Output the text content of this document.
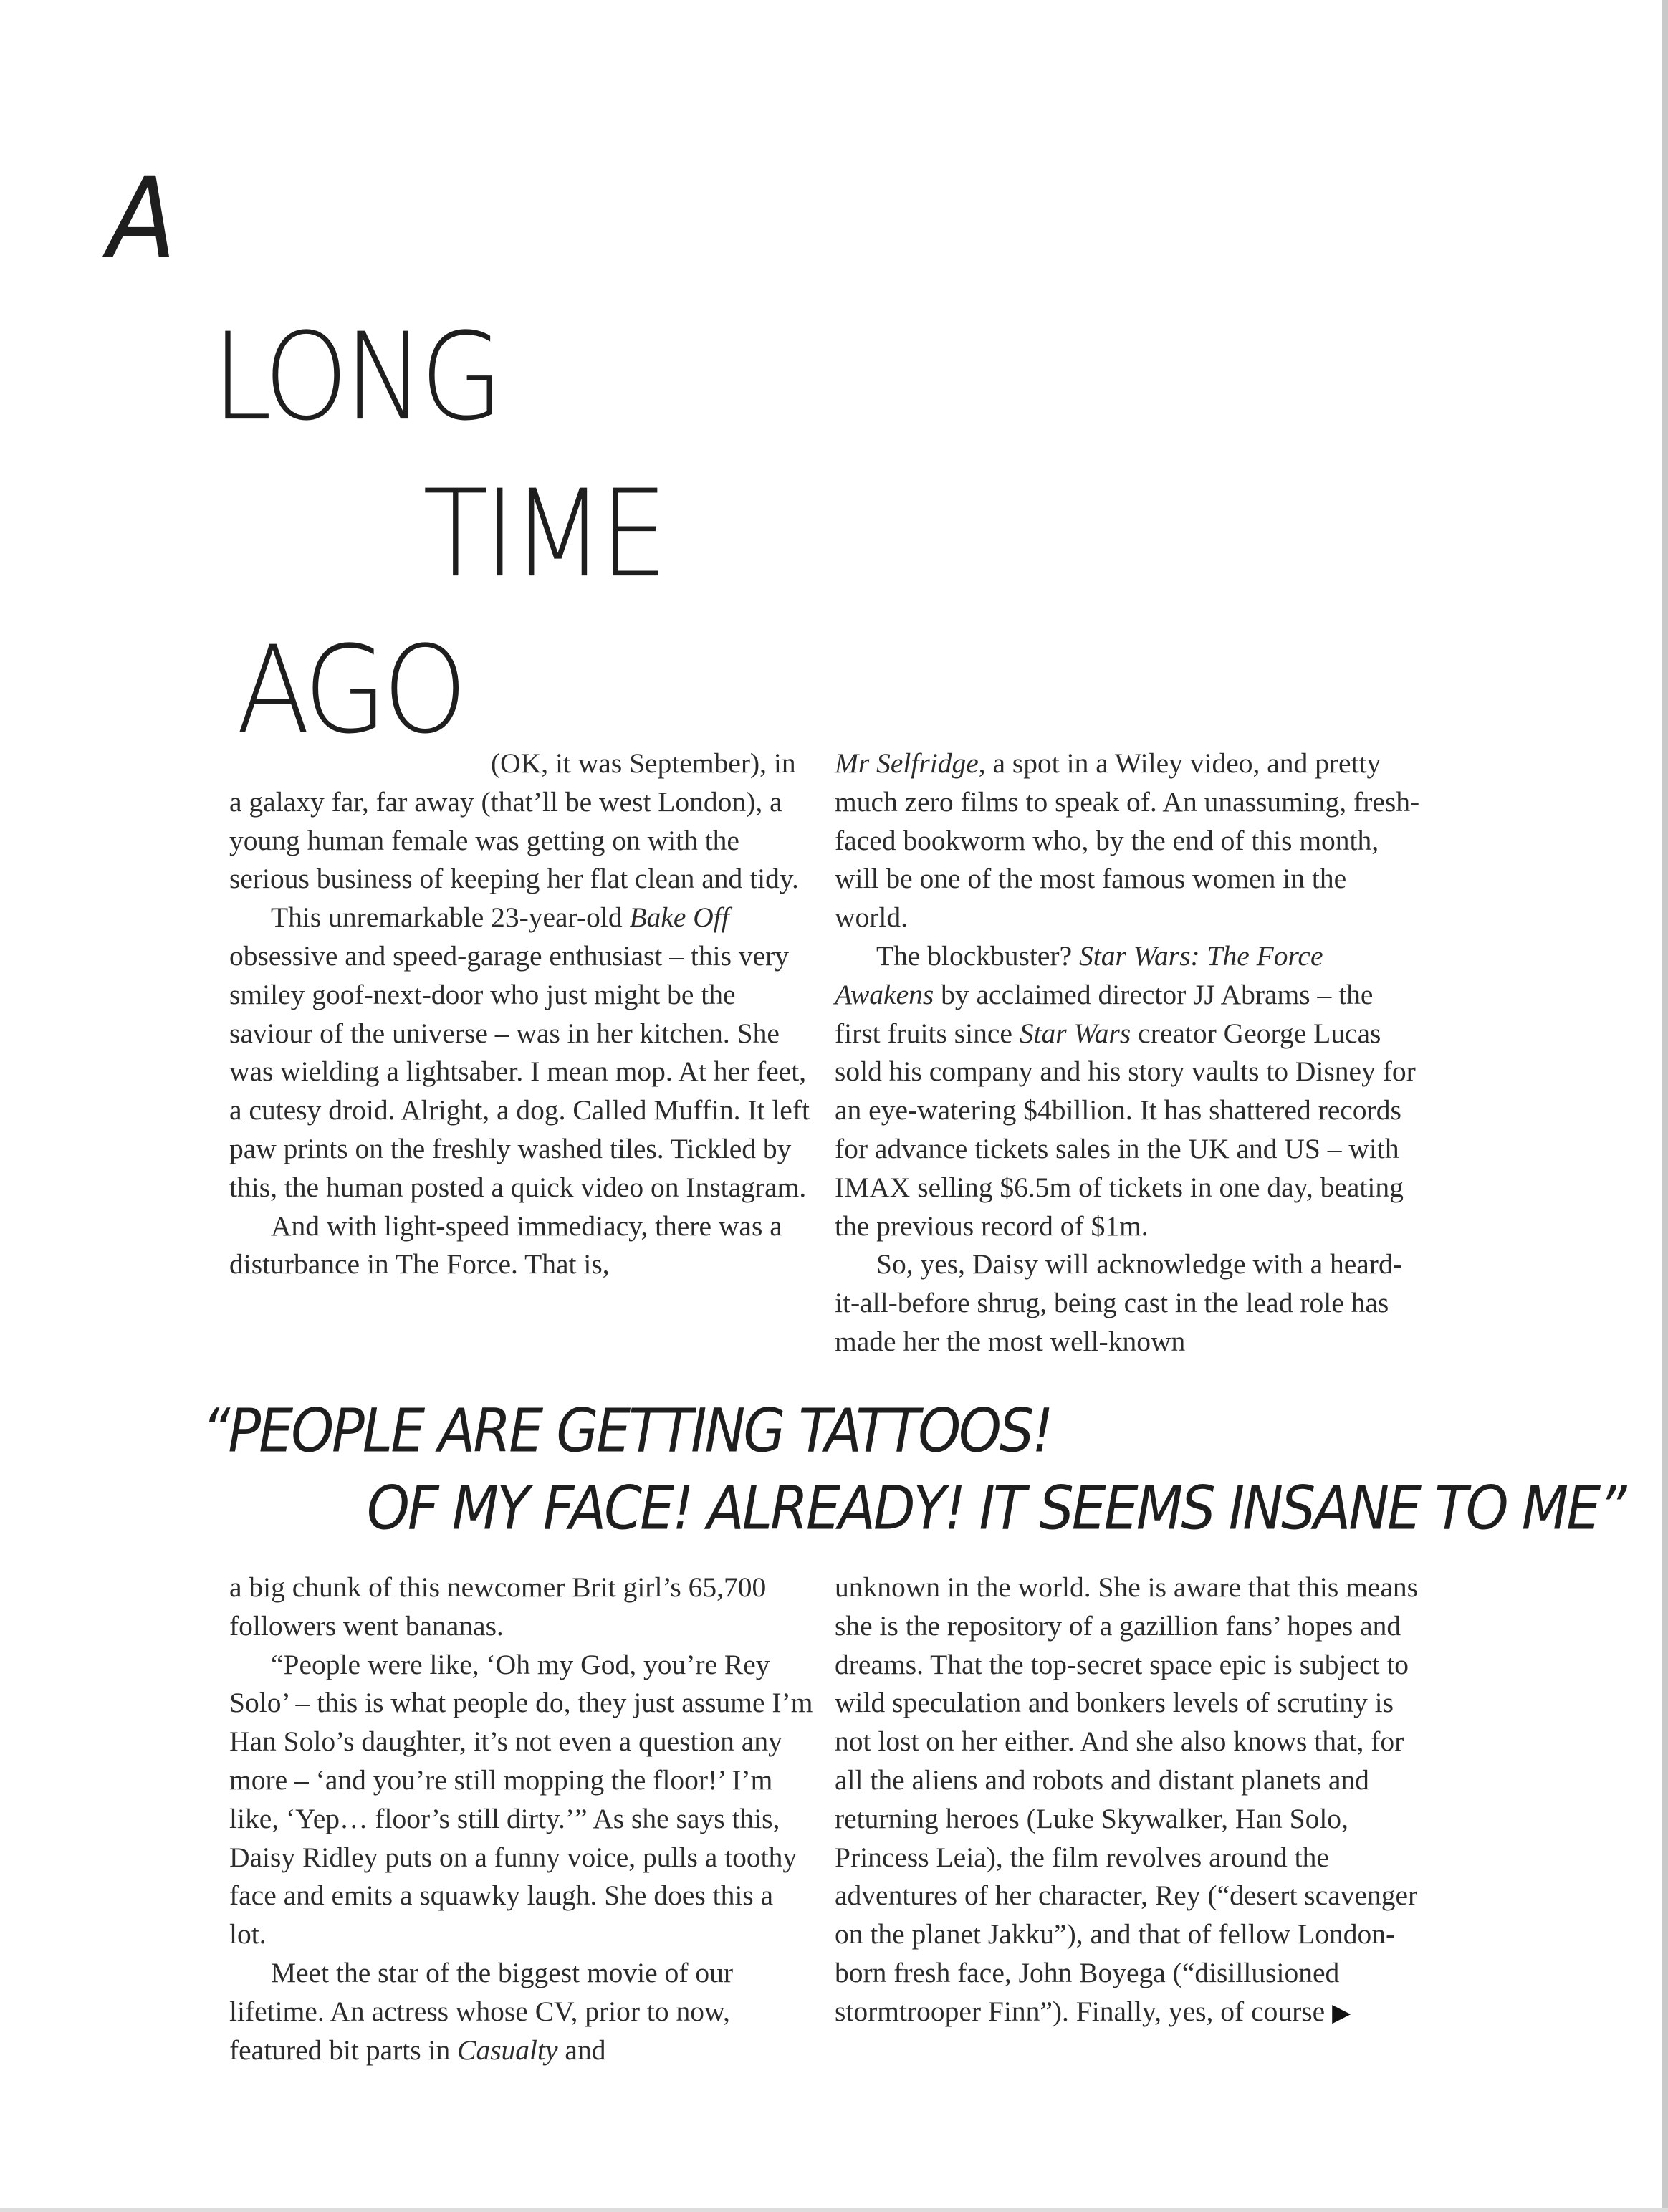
A
LONG
TIME
AGO

(OK, it was September), in a galaxy far, far away (that’ll be west London), a young human female was getting on with the serious business of keeping her flat clean and tidy.

This unremarkable 23-year-old Bake Off obsessive and speed-garage enthusiast – this very smiley goof-next-door who just might be the saviour of the universe – was in her kitchen. She was wielding a lightsaber. I mean mop. At her feet, a cutesy droid. Alright, a dog. Called Muffin. It left paw prints on the freshly washed tiles. Tickled by this, the human posted a quick video on Instagram.

And with light-speed immediacy, there was a disturbance in The Force. That is,

Mr Selfridge, a spot in a Wiley video, and pretty much zero films to speak of. An unassuming, fresh-faced bookworm who, by the end of this month, will be one of the most famous women in the world.

The blockbuster? Star Wars: The Force Awakens by acclaimed director JJ Abrams – the first fruits since Star Wars creator George Lucas sold his company and his story vaults to Disney for an eye-watering $4billion. It has shattered records for advance tickets sales in the UK and US – with IMAX selling $6.5m of tickets in one day, beating the previous record of $1m.

So, yes, Daisy will acknowledge with a heard-it-all-before shrug, being cast in the lead role has made her the most well-known

“PEOPLE ARE GETTING TATTOOS!
OF MY FACE! ALREADY! IT SEEMS INSANE TO ME”

a big chunk of this newcomer Brit girl’s 65,700 followers went bananas.

“People were like, ‘Oh my God, you’re Rey Solo’ – this is what people do, they just assume I’m Han Solo’s daughter, it’s not even a question any more – ‘and you’re still mopping the floor!’ I’m like, ‘Yep… floor’s still dirty.’” As she says this, Daisy Ridley puts on a funny voice, pulls a toothy face and emits a squawky laugh. She does this a lot.

Meet the star of the biggest movie of our lifetime. An actress whose CV, prior to now, featured bit parts in Casualty and

unknown in the world. She is aware that this means she is the repository of a gazillion fans’ hopes and dreams. That the top-secret space epic is subject to wild speculation and bonkers levels of scrutiny is not lost on her either. And she also knows that, for all the aliens and robots and distant planets and returning heroes (Luke Skywalker, Han Solo, Princess Leia), the film revolves around the adventures of her character, Rey (“desert scavenger on the planet Jakku”), and that of fellow London-born fresh face, John Boyega (“disillusioned stormtrooper Finn”). Finally, yes, of course ▶
